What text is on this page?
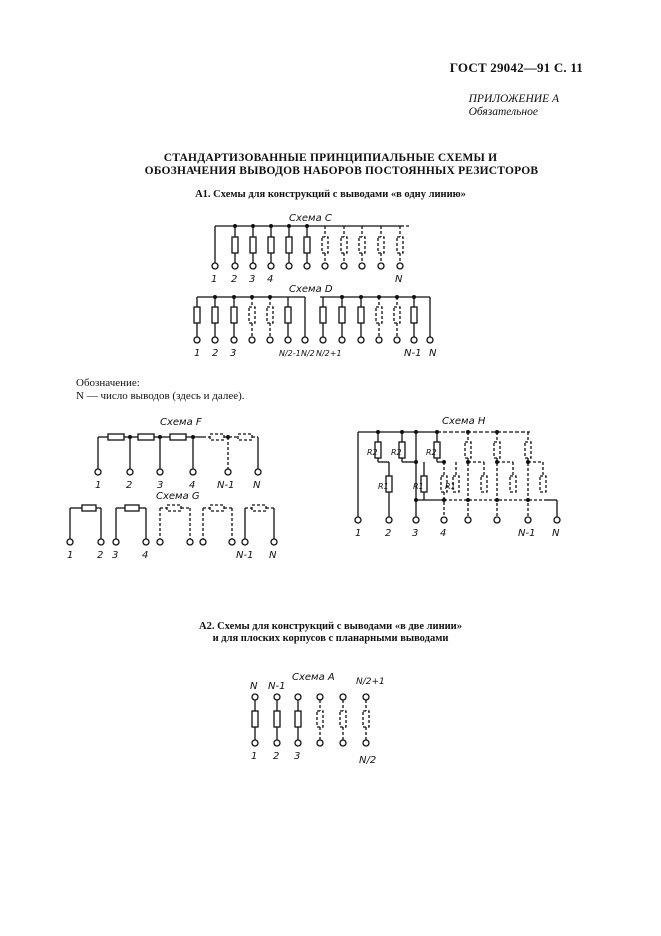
ГОСТ 29042—91 С. 11
ПРИЛОЖЕНИЕ А
Обязательное
СТАНДАРТИЗОВАННЫЕ ПРИНЦИПИАЛЬНЫЕ СХЕМЫ И
ОБОЗНАЧЕНИЯ ВЫВОДОВ НАБОРОВ ПОСТОЯННЫХ РЕЗИСТОРОВ
А1. Схемы для конструкций с выводами «в одну линию»
Обозначение:
N — число выводов (здесь и далее).
А2. Схемы для конструкций с выводами «в две линии»
и для плоских корпусов с планарными выводами
Схема C
1 2 3 4	N
Схема D
1 2 3	N/2-1 N/2 N/2+1	N-1 N
Схема F
1 2 3	4 N-1 N
Схема G
1 2 3 4	N-1 N
Схема H
R2 R2	R2
R1	R1	R1
1 2 3 4	N-1 N
Схема A
N N-1	N/2+1
1 2 3	N/2
